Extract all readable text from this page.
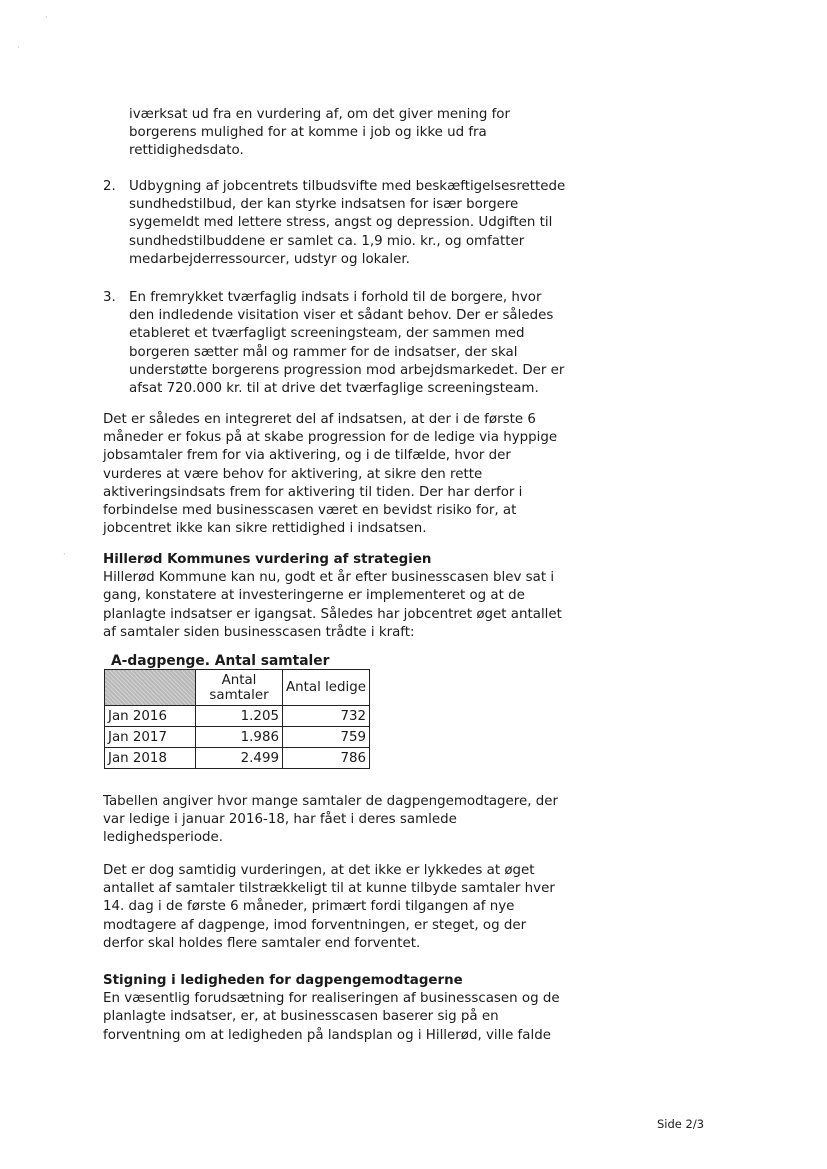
·
·
·
iværksat ud fra en vurdering af, om det giver mening for
borgerens mulighed for at komme i job og ikke ud fra
rettidighedsdato.
2. Udbygning af jobcentrets tilbudsvifte med beskæftigelsesrettede
sundhedstilbud, der kan styrke indsatsen for især borgere
sygemeldt med lettere stress, angst og depression. Udgiften til
sundhedstilbuddene er samlet ca. 1,9 mio. kr., og omfatter
medarbejderressourcer, udstyr og lokaler.
3. En fremrykket tværfaglig indsats i forhold til de borgere, hvor
den indledende visitation viser et sådant behov. Der er således
etableret et tværfagligt screeningsteam, der sammen med
borgeren sætter mål og rammer for de indsatser, der skal
understøtte borgerens progression mod arbejdsmarkedet. Der er
afsat 720.000 kr. til at drive det tværfaglige screeningsteam.
Det er således en integreret del af indsatsen, at der i de første 6
måneder er fokus på at skabe progression for de ledige via hyppige
jobsamtaler frem for via aktivering, og i de tilfælde, hvor der
vurderes at være behov for aktivering, at sikre den rette
aktiveringsindsats frem for aktivering til tiden. Der har derfor i
forbindelse med businesscasen været en bevidst risiko for, at
jobcentret ikke kan sikre rettidighed i indsatsen.
Hillerød Kommunes vurdering af strategien
Hillerød Kommune kan nu, godt et år efter businesscasen blev sat i
gang, konstatere at investeringerne er implementeret og at de
planlagte indsatser er igangsat. Således har jobcentret øget antallet
af samtaler siden businesscasen trådte i kraft:
A-dagpenge. Antal samtaler
	Antal samtaler	Antal ledige
Jan 2016	1.205	732
Jan 2017	1.986	759
Jan 2018	2.499	786
Tabellen angiver hvor mange samtaler de dagpengemodtagere, der
var ledige i januar 2016-18, har fået i deres samlede
ledighedsperiode.
Det er dog samtidig vurderingen, at det ikke er lykkedes at øget
antallet af samtaler tilstrækkeligt til at kunne tilbyde samtaler hver
14. dag i de første 6 måneder, primært fordi tilgangen af nye
modtagere af dagpenge, imod forventningen, er steget, og der
derfor skal holdes flere samtaler end forventet.
Stigning i ledigheden for dagpengemodtagerne
En væsentlig forudsætning for realiseringen af businesscasen og de
planlagte indsatser, er, at businesscasen baserer sig på en
forventning om at ledigheden på landsplan og i Hillerød, ville falde
Side 2/3
